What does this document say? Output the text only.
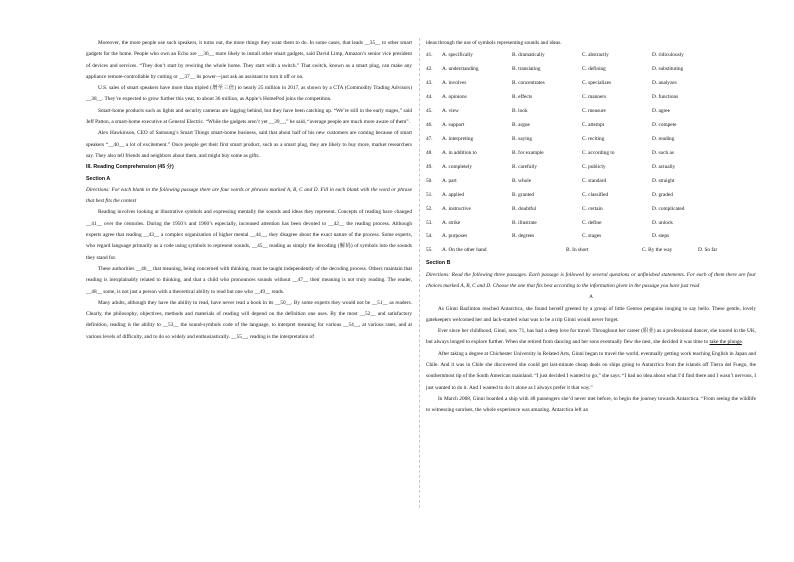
Moreover, the more people use such speakers, it turns out, the more things they want them to do. In some cases, that leads __35__ to other smart gadgets for the home. People who own an Echo are __36__ more likely to install other smart gadgets, said David Limp, Amazon’s senior vice president of devices and services. “They don’t start by rewiring the whole home. They start with a switch.” That switch, known as a smart plug, can make any appliance remote-controllable by cutting or __37__ its power—just ask an assistant to turn it off or on.

U.S. sales of smart speakers have more than tripled (增至三倍) to nearly 25 million in 2017, as shown by a CTA (Commodity Trading Advisors) __38__. They’re expected to grow further this year, to about 36 million, as Apple’s HomePod joins the competition.

Smart-home products such as lights and security cameras are lagging behind, but they have been catching up. “We’re still in the early stages,” said Jeff Patton, a smart-home executive at General Electric. “While the gadgets aren’t yet __39__,” he said, “average people are much more aware of them”.

Alex Hawkinson, CEO of Samsung’s Smart Things smart-home business, said that about half of his new customers are coming because of smart speakers “__40__ a lot of excitement.” Once people get their first smart product, such as a smart plug, they are likely to buy more, market researchers say. They also tell friends and neighbors about them, and might buy some as gifts.

III. Reading Comprehension (45 分)

Section A

Directions: For each blank in the following passage there are four words or phrases marked A, B, C and D. Fill in each blank with the word or phrase that best fits the context

Reading involves looking at illustrative symbols and expressing mentally the sounds and ideas they represent. Concepts of reading have changed __41__ over the centuries. During the 1950’s and 1960’s especially, increased attention has been devoted to __42__ the reading process. Although experts agree that reading __43__ a complex organization of higher mental __44__, they disagree about the exact nature of the process. Some experts, who regard language primarily as a code using symbols to represent sounds, __45__ reading as simply the decoding (解码) of symbols into the sounds they stand for.

These authorities __46__ that meaning, being concerned with thinking, must be taught independently of the decoding process. Others maintain that reading is inexplainably related to thinking, and that a child who pronounces sounds without __47__ their meaning is not truly reading. The reader, __48__ some, is not just a person with a theoretical ability to read but one who __49__ reads.

Many adults, although they have the ability to read, have never read a book in its __50__. By some experts they would not be __51__ as readers. Clearly, the philosophy, objectives, methods and materials of reading will depend on the definition one uses. By the most __52__ and satisfactory definition, reading is the ability to __53__ the sound-symbols code of the language, to interpret meaning for various __54__, at various rates, and at various levels of difficulty, and to do so widely and enthusiastically. __55__, reading is the interpretation of

ideas through the use of symbols representing sounds and ideas.

41.	A. specifically	B. dramatically	C. abstractly	D. ridiculously
42.	A. understanding	B. translating	C. defining	D. substituting
43.	A. involves	B. concentrates	C. specializes	D. analyzes
44.	A. opinions	B. effects	C. manners	D. functions
45.	A. view	B. look	C. measure	D. agree
46.	A. support	B. argue	C. attempt	D. compete
47.	A. interpreting	B. saying	C. reciting	D. reading
48.	A. in addition to	B. for example	C. according to	D. such as
49.	A. completely	B. carefully	C. publicly	D. actually
50.	A. part	B. whole	C. standard	D. straight
51.	A. applied	B. granted	C. classified	D. graded
52.	A. instructive	B. doubtful	C. certain	D. complicated
53.	A. strike	B. illustrate	C. define	D. unlock
54.	A. purposes	B. degrees	C. stages	D. steps
55.	A. On the other hand	B. In short	C. By the way	D. So far

Section B

Directions: Read the following three passages. Each passage is followed by several questions or unfinished statements. For each of them there are four choices marked A, B, C and D. Choose the one that fits best according to the information given in the passage you have just read

A

As Ginni Bazlinton reached Antarctica, she found herself greeted by a group of little Gentoo penguins longing to say hello. These gentle, lovely gatekeepers welcomed her and lack-started what was to be a trip Ginni would never forget.

Ever since her childhood, Ginni, now 71, has had a deep love for travel. Throughout her career (职业) as a professional dancer, she toured in the UK, but always longed to explore further. When she retired from dancing and her sons eventually flew the nest, she decided it was time to take the plunge.

After taking a degree at Chichester University in Related Arts, Ginni began to travel the world, eventually getting work teaching English in Japan and Chile. And it was in Chile she discovered she could get last-minute cheap deals on ships going to Antarctica from the islands off Tierra del Fuego, the southernmost tip of the South American mainland. “I just decided I wanted to go,” she says. “I had no idea about what I’d find there and I wasn’t nervous, I just wanted to do it. And I wanted to do it alone as I always prefer it that way.”

In March 2008, Ginni boarded a ship with 48 passengers she’d never met before, to begin the journey towards Antarctica. “From seeing the wildlife to witnessing sunrises, the whole experience was amazing. Antarctica left an
